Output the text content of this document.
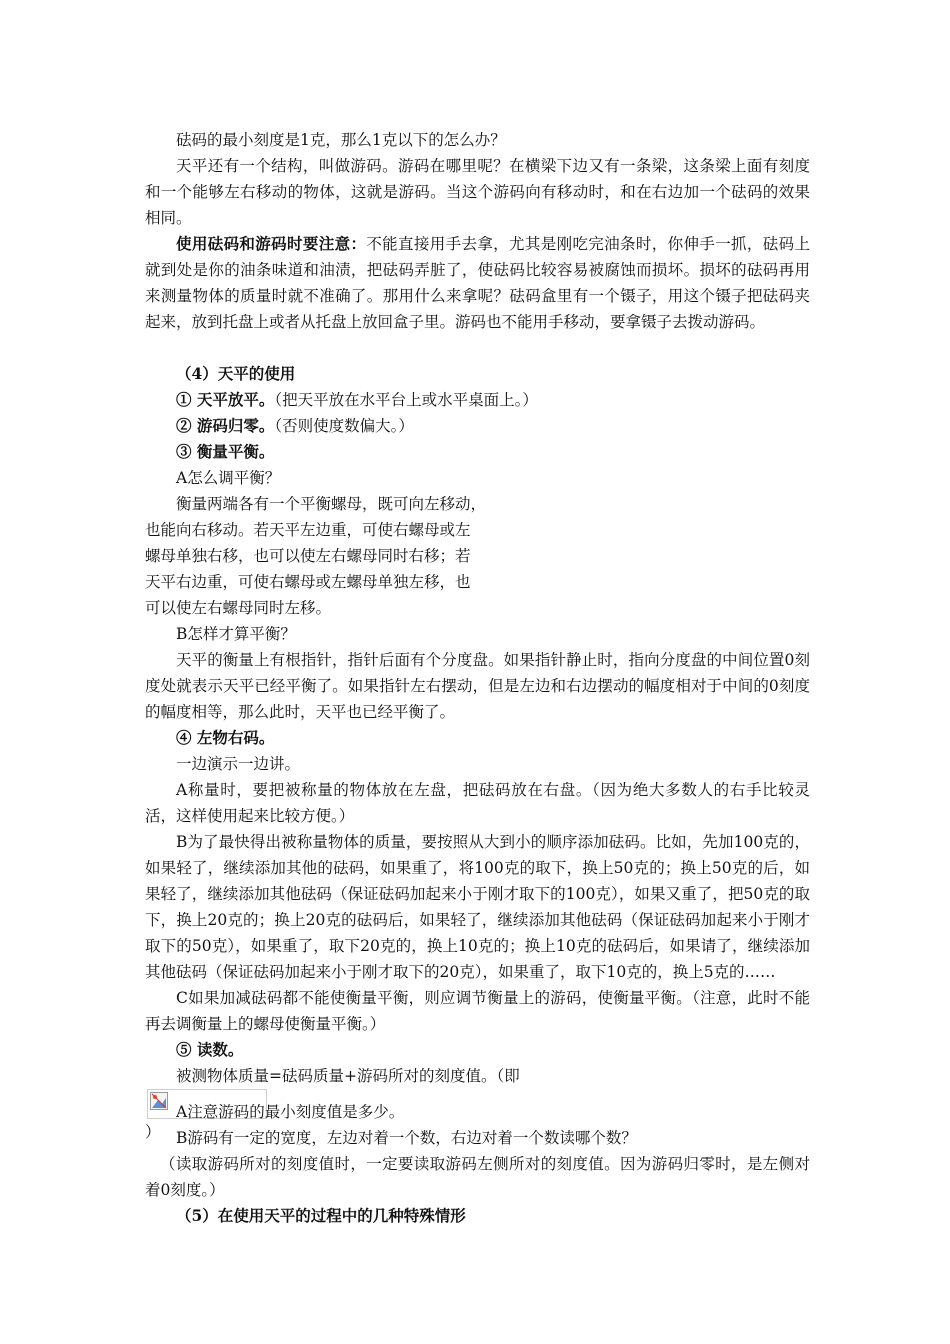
砝码的最小刻度是1克，那么1克以下的怎么办？

天平还有一个结构，叫做游码。游码在哪里呢？在横梁下边又有一条梁，这条梁上面有刻度和一个能够左右移动的物体，这就是游码。当这个游码向有移动时，和在右边加一个砝码的效果相同。

使用砝码和游码时要注意：不能直接用手去拿，尤其是刚吃完油条时，你伸手一抓，砝码上就到处是你的油条味道和油渍，把砝码弄脏了，使砝码比较容易被腐蚀而损坏。损坏的砝码再用来测量物体的质量时就不准确了。那用什么来拿呢？砝码盒里有一个镊子，用这个镊子把砝码夹起来，放到托盘上或者从托盘上放回盒子里。游码也不能用手移动，要拿镊子去拨动游码。

（4）天平的使用

① 天平放平。（把天平放在水平台上或水平桌面上。）

② 游码归零。（否则使度数偏大。）

③ 衡量平衡。

A怎么调平衡？

衡量两端各有一个平衡螺母，既可向左移动，
也能向右移动。若天平左边重，可使右螺母或左
螺母单独右移，也可以使左右螺母同时右移；若
天平右边重，可使右螺母或左螺母单独左移，也
可以使左右螺母同时左移。

B怎样才算平衡？

天平的衡量上有根指针，指针后面有个分度盘。如果指针静止时，指向分度盘的中间位置0刻度处就表示天平已经平衡了。如果指针左右摆动，但是左边和右边摆动的幅度相对于中间的0刻度的幅度相等，那么此时，天平也已经平衡了。

④ 左物右码。

一边演示一边讲。

A称量时，要把被称量的物体放在左盘，把砝码放在右盘。（因为绝大多数人的右手比较灵活，这样使用起来比较方便。）

B为了最快得出被称量物体的质量，要按照从大到小的顺序添加砝码。比如，先加100克的，如果轻了，继续添加其他的砝码，如果重了，将100克的取下，换上50克的；换上50克的后，如果轻了，继续添加其他砝码（保证砝码加起来小于刚才取下的100克），如果又重了，把50克的取下，换上20克的；换上20克的砝码后，如果轻了，继续添加其他砝码（保证砝码加起来小于刚才取下的50克），如果重了，取下20克的，换上10克的；换上10克的砝码后，如果请了，继续添加其他砝码（保证砝码加起来小于刚才取下的20克），如果重了，取下10克的，换上5克的……

C如果加减砝码都不能使衡量平衡，则应调节衡量上的游码，使衡量平衡。（注意，此时不能再去调衡量上的螺母使衡量平衡。）

⑤ 读数。

被测物体质量=砝码质量+游码所对的刻度值。（即
）

A注意游码的最小刻度值是多少。

B游码有一定的宽度，左边对着一个数，右边对着一个数读哪个数？

（读取游码所对的刻度值时，一定要读取游码左侧所对的刻度值。因为游码归零时，是左侧对着0刻度。）

（5）在使用天平的过程中的几种特殊情形
